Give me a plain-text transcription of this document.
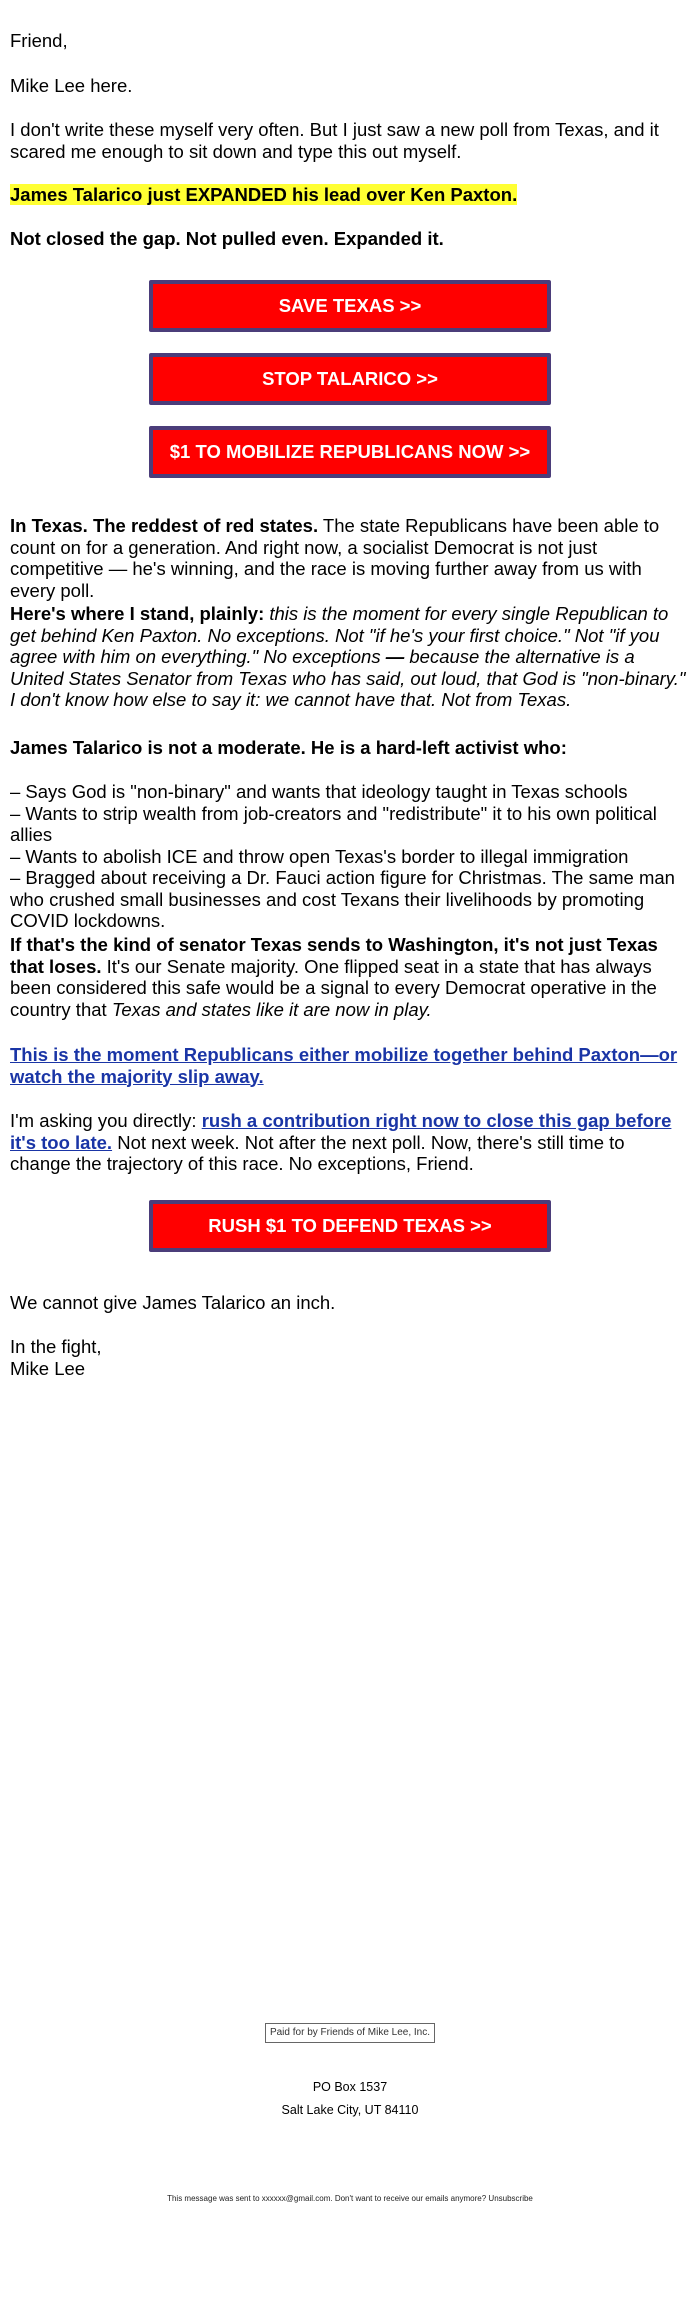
Friend,

Mike Lee here.

I don't write these myself very often. But I just saw a new poll from Texas, and it scared me enough to sit down and type this out myself.

James Talarico just EXPANDED his lead over Ken Paxton.

Not closed the gap. Not pulled even. Expanded it.

In Texas. The reddest of red states. The state Republicans have been able to count on for a generation. And right now, a socialist Democrat is not just competitive — he's winning, and the race is moving further away from us with every poll.

Here's where I stand, plainly: this is the moment for every single Republican to get behind Ken Paxton. No exceptions. Not "if he's your first choice." Not "if you agree with him on everything." No exceptions — because the alternative is a United States Senator from Texas who has said, out loud, that God is "non-binary." I don't know how else to say it: we cannot have that. Not from Texas.

James Talarico is not a moderate. He is a hard-left activist who:

– Says God is "non-binary" and wants that ideology taught in Texas schools

– Wants to strip wealth from job-creators and "redistribute" it to his own political allies

– Wants to abolish ICE and throw open Texas's border to illegal immigration

– Bragged about receiving a Dr. Fauci action figure for Christmas. The same man who crushed small businesses and cost Texans their livelihoods by promoting COVID lockdowns.

If that's the kind of senator Texas sends to Washington, it's not just Texas that loses. It's our Senate majority. One flipped seat in a state that has always been considered this safe would be a signal to every Democrat operative in the country that Texas and states like it are now in play.

This is the moment Republicans either mobilize together behind Paxton—or watch the majority slip away.

I'm asking you directly: rush a contribution right now to close this gap before it's too late. Not next week. Not after the next poll. Now, there's still time to change the trajectory of this race. No exceptions, Friend.

We cannot give James Talarico an inch.

In the fight,

Mike Lee

SAVE TEXAS >>
STOP TALARICO >>
$1 TO MOBILIZE REPUBLICANS NOW >>
RUSH $1 TO DEFEND TEXAS >>
Paid for by Friends of Mike Lee, Inc.
PO Box 1537
Salt Lake City, UT 84110
This message was sent to xxxxxx@gmail.com. Don't want to receive our emails anymore? Unsubscribe
